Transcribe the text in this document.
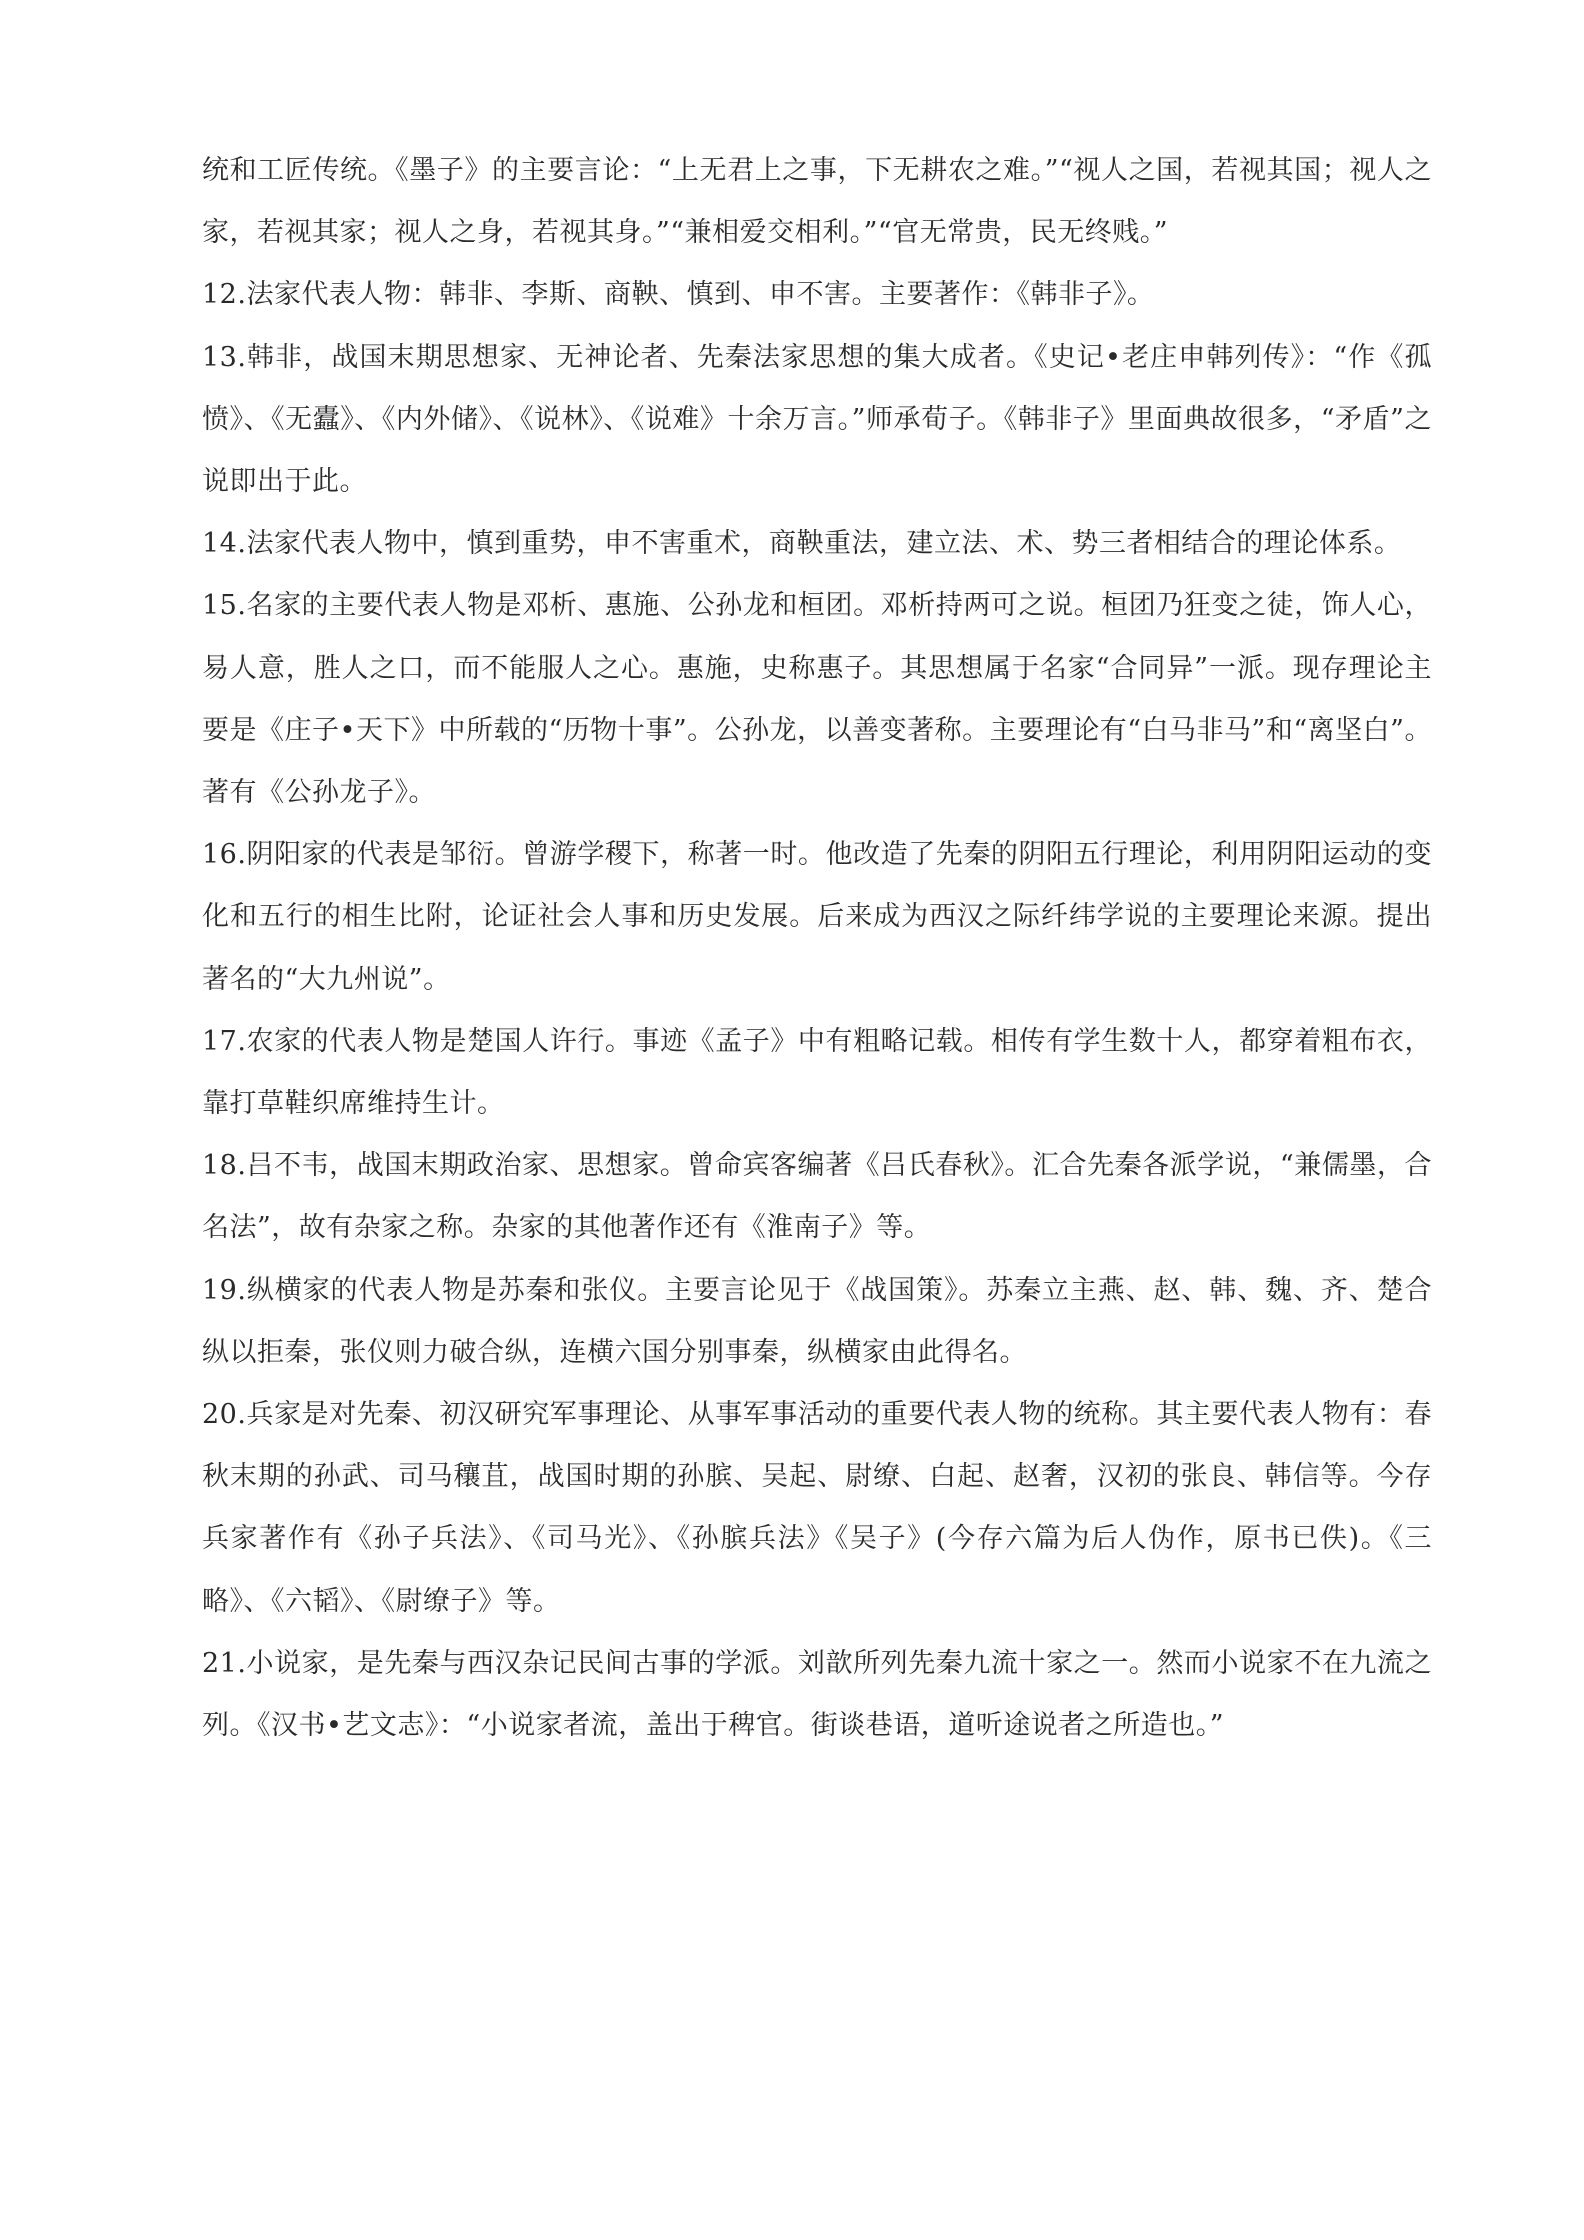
统和工匠传统。《墨子》的主要言论：“上无君上之事，下无耕农之难。”“视人之国，若视其国；视人之家，若视其家；视人之身，若视其身。”“兼相爱交相利。”“官无常贵，民无终贱。”

12.法家代表人物：韩非、李斯、商鞅、慎到、申不害。主要著作：《韩非子》。

13.韩非，战国末期思想家、无神论者、先秦法家思想的集大成者。《史记•老庄申韩列传》：“作《孤愤》、《无蠹》、《内外储》、《说林》、《说难》十余万言。”师承荀子。《韩非子》里面典故很多，“矛盾”之说即出于此。

14.法家代表人物中，慎到重势，申不害重术，商鞅重法，建立法、术、势三者相结合的理论体系。

15.名家的主要代表人物是邓析、惠施、公孙龙和桓团。邓析持两可之说。桓团乃狂变之徒，饰人心，易人意，胜人之口，而不能服人之心。惠施，史称惠子。其思想属于名家“合同异”一派。现存理论主要是《庄子•天下》中所载的“历物十事”。公孙龙，以善变著称。主要理论有“白马非马”和“离坚白”。著有《公孙龙子》。

16.阴阳家的代表是邹衍。曾游学稷下，称著一时。他改造了先秦的阴阳五行理论，利用阴阳运动的变化和五行的相生比附，论证社会人事和历史发展。后来成为西汉之际纤纬学说的主要理论来源。提出著名的“大九州说”。

17.农家的代表人物是楚国人许行。事迹《孟子》中有粗略记载。相传有学生数十人，都穿着粗布衣，靠打草鞋织席维持生计。

18.吕不韦，战国末期政治家、思想家。曾命宾客编著《吕氏春秋》。汇合先秦各派学说，“兼儒墨，合名法”，故有杂家之称。杂家的其他著作还有《淮南子》等。

19.纵横家的代表人物是苏秦和张仪。主要言论见于《战国策》。苏秦立主燕、赵、韩、魏、齐、楚合纵以拒秦，张仪则力破合纵，连横六国分别事秦，纵横家由此得名。

20.兵家是对先秦、初汉研究军事理论、从事军事活动的重要代表人物的统称。其主要代表人物有：春秋末期的孙武、司马穰苴，战国时期的孙膑、吴起、尉缭、白起、赵奢，汉初的张良、韩信等。今存兵家著作有《孙子兵法》、《司马光》、《孙膑兵法》《吴子》(今存六篇为后人伪作，原书已佚)。《三略》、《六韬》、《尉缭子》等。

21.小说家，是先秦与西汉杂记民间古事的学派。刘歆所列先秦九流十家之一。然而小说家不在九流之列。《汉书•艺文志》：“小说家者流，盖出于稗官。街谈巷语，道听途说者之所造也。”
